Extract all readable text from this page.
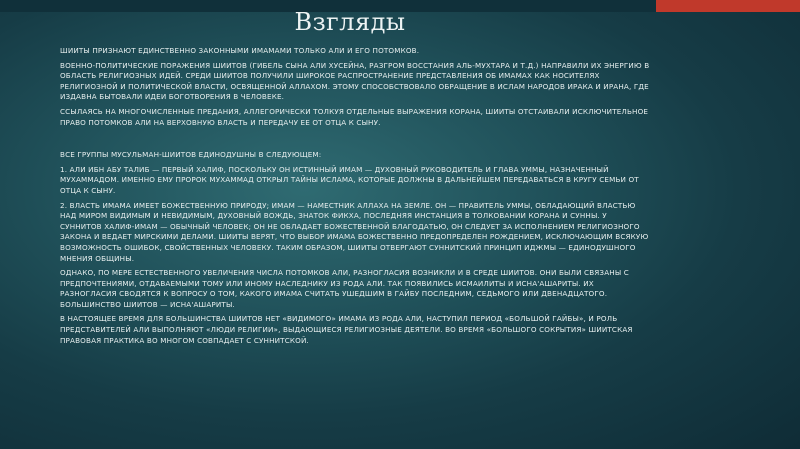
Взгляды

ШИИТЫ ПРИЗНАЮТ ЕДИНСТВЕННО ЗАКОННЫМИ ИМАМАМИ ТОЛЬКО АЛИ И ЕГО ПОТОМКОВ.

ВОЕННО-ПОЛИТИЧЕСКИЕ ПОРАЖЕНИЯ ШИИТОВ (ГИБЕЛЬ СЫНА АЛИ ХУСЕЙНА, РАЗГРОМ ВОССТАНИЯ АЛЬ-МУХТАРА И Т.Д.) НАПРАВИЛИ ИХ ЭНЕРГИЮ В ОБЛАСТЬ РЕЛИГИОЗНЫХ ИДЕЙ. СРЕДИ ШИИТОВ ПОЛУЧИЛИ ШИРОКОЕ РАСПРОСТРАНЕНИЕ ПРЕДСТАВЛЕНИЯ ОБ ИМАМАХ КАК НОСИТЕЛЯХ РЕЛИГИОЗНОЙ И ПОЛИТИЧЕСКОЙ ВЛАСТИ, ОСВЯЩЕННОЙ АЛЛАХОМ. ЭТОМУ СПОСОБСТВОВАЛО ОБРАЩЕНИЕ В ИСЛАМ НАРОДОВ ИРАКА И ИРАНА, ГДЕ ИЗДАВНА БЫТОВАЛИ ИДЕИ БОГОТВОРЕНИЯ В ЧЕЛОВЕКЕ.

ССЫЛАЯСЬ НА МНОГОЧИСЛЕННЫЕ ПРЕДАНИЯ, АЛЛЕГОРИЧЕСКИ ТОЛКУЯ ОТДЕЛЬНЫЕ ВЫРАЖЕНИЯ КОРАНА, ШИИТЫ ОТСТАИВАЛИ ИСКЛЮЧИТЕЛЬНОЕ ПРАВО ПОТОМКОВ АЛИ НА ВЕРХОВНУЮ ВЛАСТЬ И ПЕРЕДАЧУ ЕЕ ОТ ОТЦА К СЫНУ.

ВСЕ ГРУППЫ МУСУЛЬМАН-ШИИТОВ ЕДИНОДУШНЫ В СЛЕДУЮЩЕМ:

1. АЛИ ИБН АБУ ТАЛИБ — ПЕРВЫЙ ХАЛИФ, ПОСКОЛЬКУ ОН ИСТИННЫЙ ИМАМ — ДУХОВНЫЙ РУКОВОДИТЕЛЬ И ГЛАВА УММЫ, НАЗНАЧЕННЫЙ МУХАММАДОМ. ИМЕННО ЕМУ ПРОРОК МУХАММАД ОТКРЫЛ ТАЙНЫ ИСЛАМА, КОТОРЫЕ ДОЛЖНЫ В ДАЛЬНЕЙШЕМ ПЕРЕДАВАТЬСЯ В КРУГУ СЕМЬИ ОТ ОТЦА К СЫНУ.

2. ВЛАСТЬ ИМАМА ИМЕЕТ БОЖЕСТВЕННУЮ ПРИРОДУ; ИМАМ — НАМЕСТНИК АЛЛАХА НА ЗЕМЛЕ. ОН — ПРАВИТЕЛЬ УММЫ, ОБЛАДАЮЩИЙ ВЛАСТЬЮ НАД МИРОМ ВИДИМЫМ И НЕВИДИМЫМ, ДУХОВНЫЙ ВОЖДЬ, ЗНАТОК ФИКХА, ПОСЛЕДНЯЯ ИНСТАНЦИЯ В ТОЛКОВАНИИ КОРАНА И СУННЫ. У СУННИТОВ ХАЛИФ-ИМАМ — ОБЫЧНЫЙ ЧЕЛОВЕК; ОН НЕ ОБЛАДАЕТ БОЖЕСТВЕННОЙ БЛАГОДАТЬЮ, ОН СЛЕДУЕТ ЗА ИСПОЛНЕНИЕМ РЕЛИГИОЗНОГО ЗАКОНА И ВЕДАЕТ МИРСКИМИ ДЕЛАМИ. ШИИТЫ ВЕРЯТ, ЧТО ВЫБОР ИМАМА БОЖЕСТВЕННО ПРЕДОПРЕДЕЛЕН РОЖДЕНИЕМ, ИСКЛЮЧАЮЩИМ ВСЯКУЮ ВОЗМОЖНОСТЬ ОШИБОК, СВОЙСТВЕННЫХ ЧЕЛОВЕКУ. ТАКИМ ОБРАЗОМ, ШИИТЫ ОТВЕРГАЮТ СУННИТСКИЙ ПРИНЦИП ИДЖМЫ — ЕДИНОДУШНОГО МНЕНИЯ ОБЩИНЫ.

ОДНАКО, ПО МЕРЕ ЕСТЕСТВЕННОГО УВЕЛИЧЕНИЯ ЧИСЛА ПОТОМКОВ АЛИ, РАЗНОГЛАСИЯ ВОЗНИКЛИ И В СРЕДЕ ШИИТОВ. ОНИ БЫЛИ СВЯЗАНЫ С ПРЕДПОЧТЕНИЯМИ, ОТДАВАЕМЫМИ ТОМУ ИЛИ ИНОМУ НАСЛЕДНИКУ ИЗ РОДА АЛИ. ТАК ПОЯВИЛИСЬ ИСМАИЛИТЫ И ИСНА'АШАРИТЫ. ИХ РАЗНОГЛАСИЯ СВОДЯТСЯ К ВОПРОСУ О ТОМ, КАКОГО ИМАМА СЧИТАТЬ УШЕДШИМ В ГАЙБУ ПОСЛЕДНИМ, СЕДЬМОГО ИЛИ ДВЕНАДЦАТОГО. БОЛЬШИНСТВО ШИИТОВ — ИСНА'АШАРИТЫ.

В НАСТОЯЩЕЕ ВРЕМЯ ДЛЯ БОЛЬШИНСТВА ШИИТОВ НЕТ «ВИДИМОГО» ИМАМА ИЗ РОДА АЛИ, НАСТУПИЛ ПЕРИОД «БОЛЬШОЙ ГАЙБЫ», И РОЛЬ ПРЕДСТАВИТЕЛЕЙ АЛИ ВЫПОЛНЯЮТ «ЛЮДИ РЕЛИГИИ», ВЫДАЮЩИЕСЯ РЕЛИГИОЗНЫЕ ДЕЯТЕЛИ. ВО ВРЕМЯ «БОЛЬШОГО СОКРЫТИЯ» ШИИТСКАЯ ПРАВОВАЯ ПРАКТИКА ВО МНОГОМ СОВПАДАЕТ С СУННИТСКОЙ.
